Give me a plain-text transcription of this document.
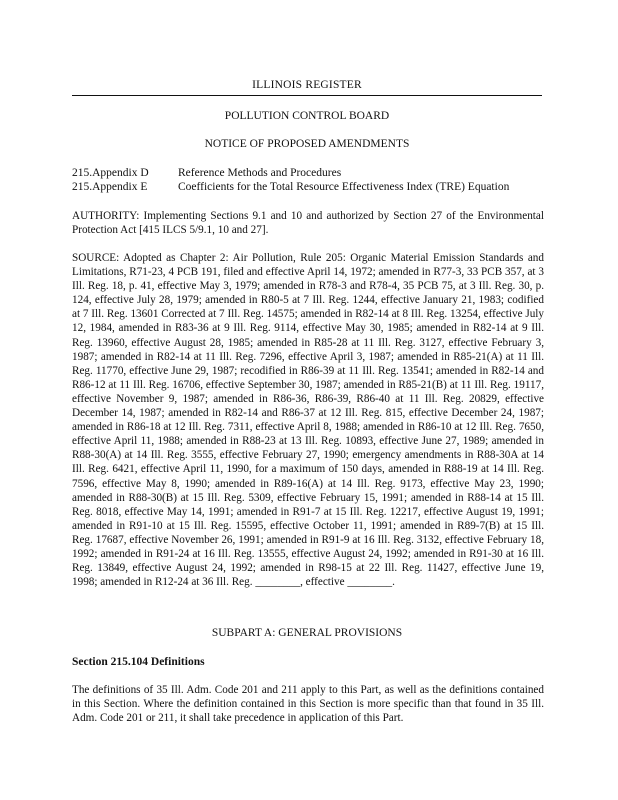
ILLINOIS REGISTER
POLLUTION CONTROL BOARD
NOTICE OF PROPOSED AMENDMENTS
215.Appendix D	Reference Methods and Procedures
215.Appendix E	Coefficients for the Total Resource Effectiveness Index (TRE) Equation
AUTHORITY: Implementing Sections 9.1 and 10 and authorized by Section 27 of the Environmental Protection Act [415 ILCS 5/9.1, 10 and 27].
SOURCE: Adopted as Chapter 2: Air Pollution, Rule 205: Organic Material Emission Standards and Limitations, R71-23, 4 PCB 191, filed and effective April 14, 1972; amended in R77-3, 33 PCB 357, at 3 Ill. Reg. 18, p. 41, effective May 3, 1979; amended in R78-3 and R78-4, 35 PCB 75, at 3 Ill. Reg. 30, p. 124, effective July 28, 1979; amended in R80-5 at 7 Ill. Reg. 1244, effective January 21, 1983; codified at 7 Ill. Reg. 13601 Corrected at 7 Ill. Reg. 14575; amended in R82-14 at 8 Ill. Reg. 13254, effective July 12, 1984, amended in R83-36 at 9 Ill. Reg. 9114, effective May 30, 1985; amended in R82-14 at 9 Ill. Reg. 13960, effective August 28, 1985; amended in R85-28 at 11 Ill. Reg. 3127, effective February 3, 1987; amended in R82-14 at 11 Ill. Reg. 7296, effective April 3, 1987; amended in R85-21(A) at 11 Ill. Reg. 11770, effective June 29, 1987; recodified in R86-39 at 11 Ill. Reg. 13541; amended in R82-14 and R86-12 at 11 Ill. Reg. 16706, effective September 30, 1987; amended in R85-21(B) at 11 Ill. Reg. 19117, effective November 9, 1987; amended in R86-36, R86-39, R86-40 at 11 Ill. Reg. 20829, effective December 14, 1987; amended in R82-14 and R86-37 at 12 Ill. Reg. 815, effective December 24, 1987; amended in R86-18 at 12 Ill. Reg. 7311, effective April 8, 1988; amended in R86-10 at 12 Ill. Reg. 7650, effective April 11, 1988; amended in R88-23 at 13 Ill. Reg. 10893, effective June 27, 1989; amended in R88-30(A) at 14 Ill. Reg. 3555, effective February 27, 1990; emergency amendments in R88-30A at 14 Ill. Reg. 6421, effective April 11, 1990, for a maximum of 150 days, amended in R88-19 at 14 Ill. Reg. 7596, effective May 8, 1990; amended in R89-16(A) at 14 Ill. Reg. 9173, effective May 23, 1990; amended in R88-30(B) at 15 Ill. Reg. 5309, effective February 15, 1991; amended in R88-14 at 15 Ill. Reg. 8018, effective May 14, 1991; amended in R91-7 at 15 Ill. Reg. 12217, effective August 19, 1991; amended in R91-10 at 15 Ill. Reg. 15595, effective October 11, 1991; amended in R89-7(B) at 15 Ill. Reg. 17687, effective November 26, 1991; amended in R91-9 at 16 Ill. Reg. 3132, effective February 18, 1992; amended in R91-24 at 16 Ill. Reg. 13555, effective August 24, 1992; amended in R91-30 at 16 Ill. Reg. 13849, effective August 24, 1992; amended in R98-15 at 22 Ill. Reg. 11427, effective June 19, 1998; amended in R12-24 at 36 Ill. Reg. ________, effective ________.
SUBPART A: GENERAL PROVISIONS
Section 215.104 Definitions
The definitions of 35 Ill. Adm. Code 201 and 211 apply to this Part, as well as the definitions contained in this Section. Where the definition contained in this Section is more specific than that found in 35 Ill. Adm. Code 201 or 211, it shall take precedence in application of this Part.
